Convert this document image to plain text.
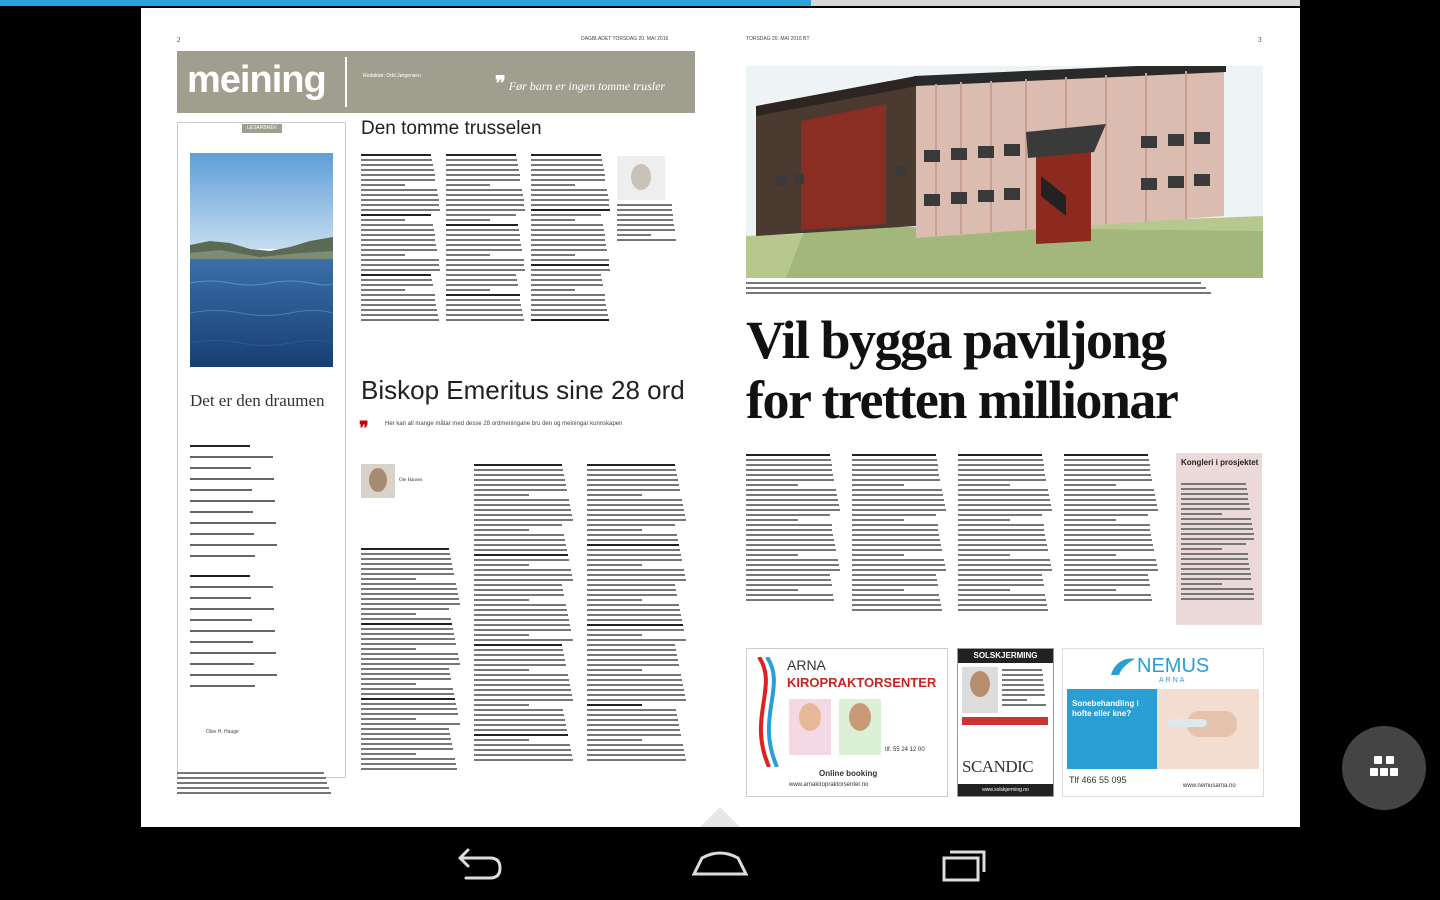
2	DAGBLADET TORSDAG 20. MAI 2016
meining	Redaktør: Odd Jørgensen	❞ Før barn er ingen tomme trusler
LESARBREV
Det er den draumen
Olav H. Hauge
Den tomme trusselen
Biskop Emeritus sine 28 ord
❞	Her kan all mange måtar med desse 28 ordmeningane bru den og meiningar kunnskapen
Ole Hansen
TORSDAG 20. MAI 2016 BT	3
Vil bygga paviljong
for tretten millionar
Kongleri i prosjektet
ARNA
KIROPRAKTORSENTER
tlf. 55 24 12 00
Online booking
www.arnakiropraktorsenter.no
SOLSKJERMING
SCANDIC
www.solskjerming.no
NEMUS
ARNA
Sonebehandling i hofte eller kne?
Tlf 466 55 095
www.nemusarna.no
